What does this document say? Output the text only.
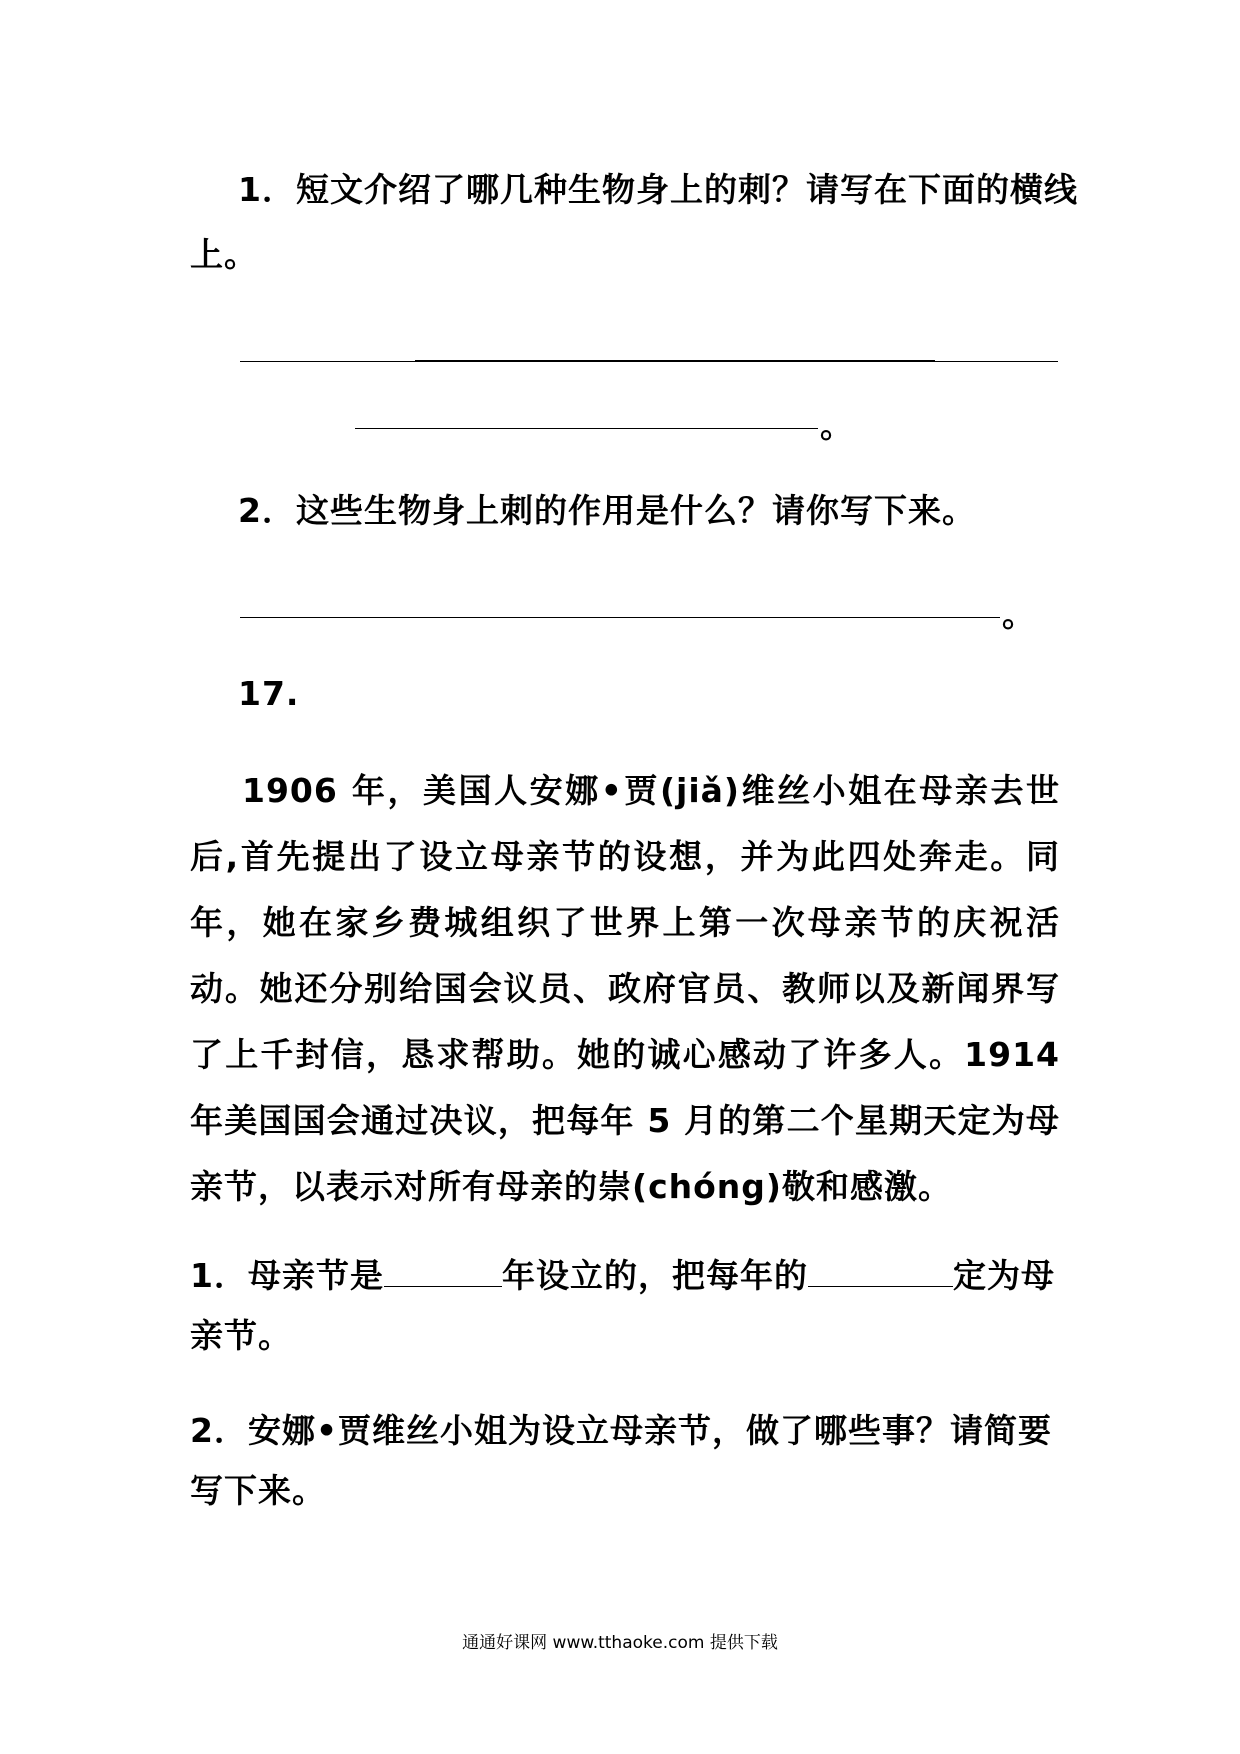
1．短文介绍了哪几种生物身上的刺？请写在下面的横线
上。
。
2．这些生物身上刺的作用是什么？请你写下来。
。
17.
1906 年，美国人安娜•贾(jiǎ)维丝小姐在母亲去世后,首先提出了设立母亲节的设想，并为此四处奔走。同年，她在家乡费城组织了世界上第一次母亲节的庆祝活动。她还分别给国会议员、政府官员、教师以及新闻界写了上千封信，恳求帮助。她的诚心感动了许多人。1914 年美国国会通过决议，把每年 5 月的第二个星期天定为母亲节，以表示对所有母亲的崇(chóng)敬和感激。
1．母亲节是	年设立的，把每年的	定为母亲节。
2．安娜•贾维丝小姐为设立母亲节，做了哪些事？请简要写下来。
通通好课网 www.tthaoke.com 提供下载
